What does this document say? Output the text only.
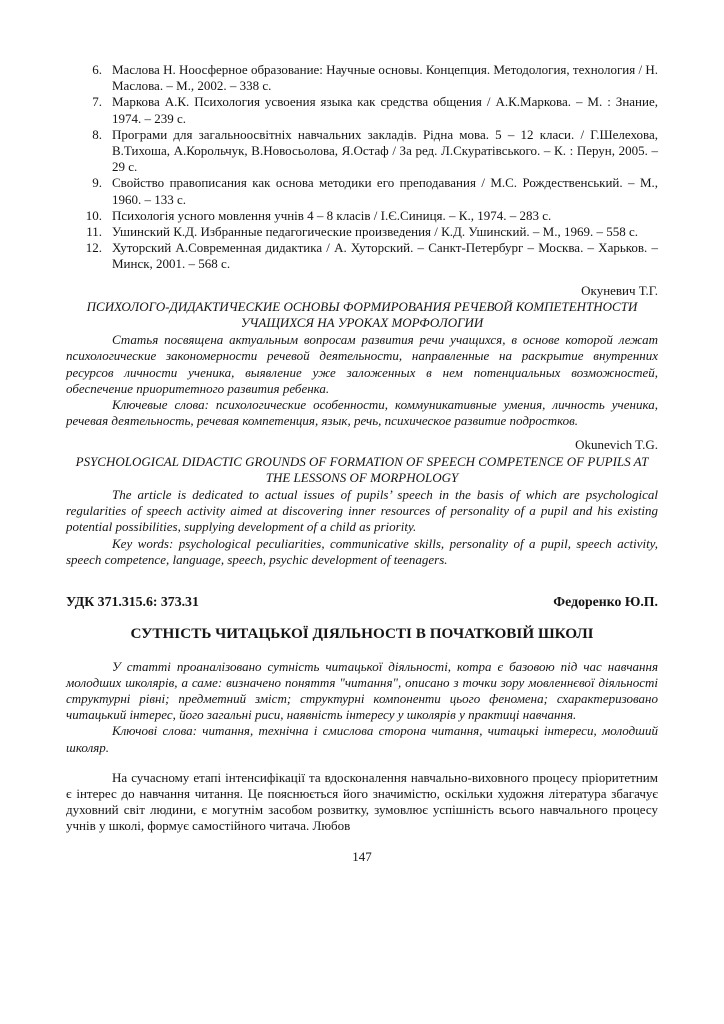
6. Маслова Н. Ноосферное образование: Научные основы. Концепция. Методология, технология / Н. Маслова. – М., 2002. – 338 с.
7. Маркова А.К. Психология усвоения языка как средства общения / А.К.Маркова. – М. : Знание, 1974. – 239 с.
8. Програми для загальноосвітніх навчальних закладів. Рідна мова. 5 – 12 класи. / Г.Шелехова, В.Тихоша, А.Корольчук, В.Новосьолова, Я.Остаф / За ред. Л.Скуратівського. – К. : Перун, 2005. – 29 с.
9. Свойство правописания как основа методики его преподавания / М.С. Рождественський. – М., 1960. – 133 с.
10. Психологія усного мовлення учнів 4 – 8 класів / І.Є.Синиця. – К., 1974. – 283 с.
11. Ушинский К.Д. Избранные педагогические произведения / К.Д. Ушинский. – М., 1969. – 558 с.
12. Хуторский А.Современная дидактика / А. Хуторский. – Санкт-Петербург – Москва. – Харьков. – Минск, 2001. – 568 с.
Окуневич Т.Г.
ПСИХОЛОГО-ДИДАКТИЧЕСКИЕ ОСНОВЫ ФОРМИРОВАНИЯ РЕЧЕВОЙ КОМПЕТЕНТНОСТИ УЧАЩИХСЯ НА УРОКАХ МОРФОЛОГИИ

Статья посвящена актуальным вопросам развития речи учащихся, в основе которой лежат психологические закономерности речевой деятельности, направленные на раскрытие внутренних ресурсов личности ученика, выявление уже заложенных в нем потенциальных возможностей, обеспечение приоритетного развития ребенка.

Ключевые слова: психологические особенности, коммуникативные умения, личность ученика, речевая деятельность, речевая компетенция, язык, речь, психическое развитие подростков.

Okunevich T.G.
PSYCHOLOGICAL DIDACTIC GROUNDS OF FORMATION OF SPEECH COMPETENCE OF PUPILS AT THE LESSONS OF MORPHOLOGY

The article is dedicated to actual issues of pupils’ speech in the basis of which are psychological regularities of speech activity aimed at discovering inner resources of personality of a pupil and his existing potential possibilities, supplying development of a child as priority.

Key words: psychological peculiarities, communicative skills, personality of a pupil, speech activity, speech competence, language, speech, psychic development of teenagers.

УДК 371.315.6: 373.31	Федоренко Ю.П.
СУТНІСТЬ ЧИТАЦЬКОЇ ДІЯЛЬНОСТІ В ПОЧАТКОВІЙ ШКОЛІ

У статті проаналізовано сутність читацької діяльності, котра є базовою під час навчання молодших школярів, а саме: визначено поняття "читання", описано з точки зору мовленнєвої діяльності структурні рівні; предметний зміст; структурні компоненти цього феномена; схарактеризовано читацький інтерес, його загальні риси, наявність інтересу у школярів у практиці навчання.

Ключові слова: читання, технічна і смислова сторона читання, читацькі інтереси, молодший школяр.

На сучасному етапі інтенсифікації та вдосконалення навчально-виховного процесу пріоритетним є інтерес до навчання читання. Це пояснюється його значимістю, оскільки художня література збагачує духовний світ людини, є могутнім засобом розвитку, зумовлює успішність всього навчального процесу учнів у школі, формує самостійного читача. Любов

147
